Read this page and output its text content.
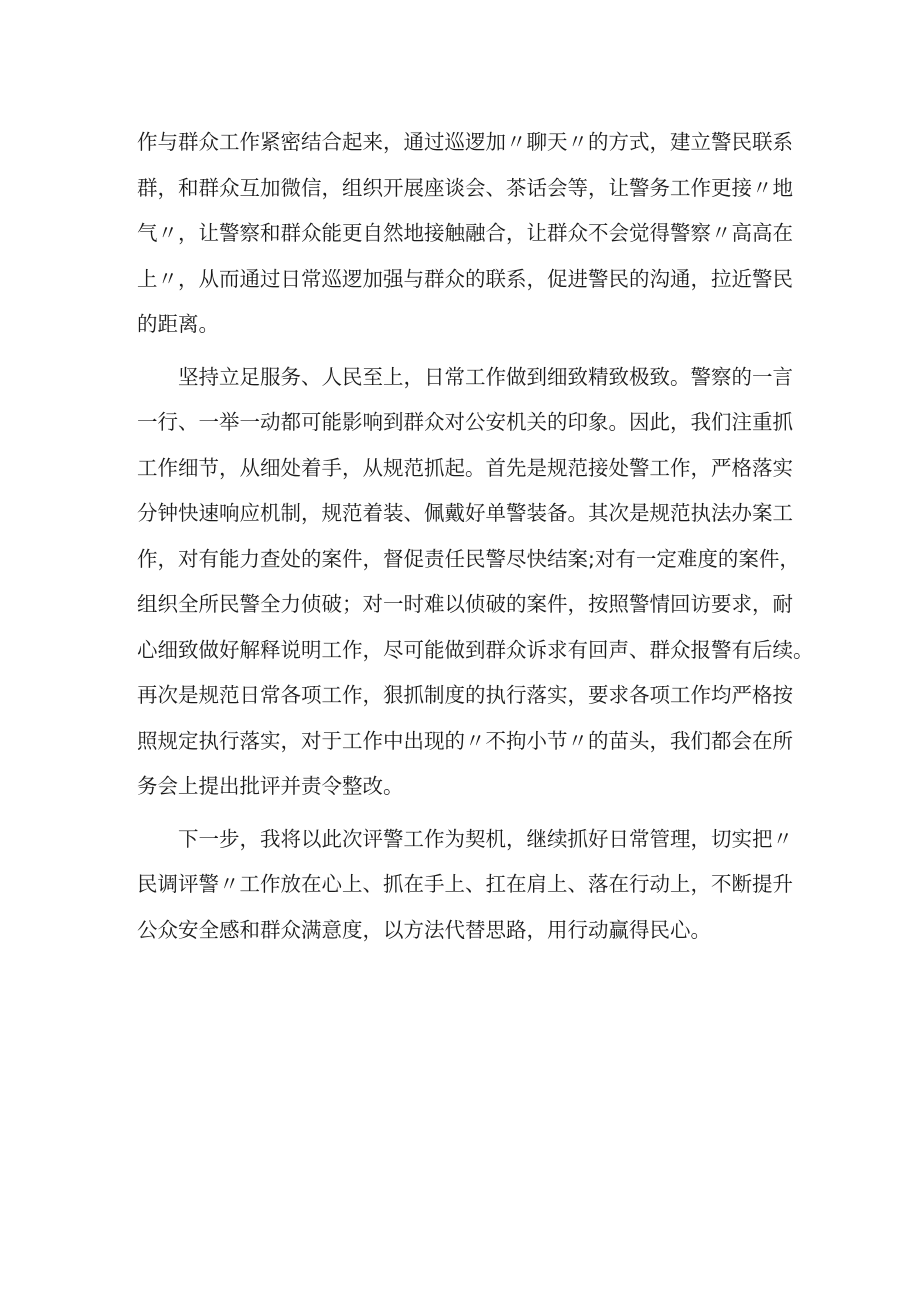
作与群众工作紧密结合起来，通过巡逻加〃聊天〃的方式，建立警民联系
群，和群众互加微信，组织开展座谈会、茶话会等，让警务工作更接〃地
气〃，让警察和群众能更自然地接触融合，让群众不会觉得警察〃高高在
上〃，从而通过日常巡逻加强与群众的联系，促进警民的沟通，拉近警民
的距离。
坚持立足服务、人民至上，日常工作做到细致精致极致。警察的一言
一行、一举一动都可能影响到群众对公安机关的印象。因此，我们注重抓
工作细节，从细处着手，从规范抓起。首先是规范接处警工作，严格落实
分钟快速响应机制，规范着装、佩戴好单警装备。其次是规范执法办案工
作，对有能力查处的案件，督促责任民警尽快结案;对有一定难度的案件，
组织全所民警全力侦破；对一时难以侦破的案件，按照警情回访要求，耐
心细致做好解释说明工作，尽可能做到群众诉求有回声、群众报警有后续。
再次是规范日常各项工作，狠抓制度的执行落实，要求各项工作均严格按
照规定执行落实，对于工作中出现的〃不拘小节〃的苗头，我们都会在所
务会上提出批评并责令整改。
下一步，我将以此次评警工作为契机，继续抓好日常管理，切实把〃
民调评警〃工作放在心上、抓在手上、扛在肩上、落在行动上，不断提升
公众安全感和群众满意度，以方法代替思路，用行动赢得民心。
